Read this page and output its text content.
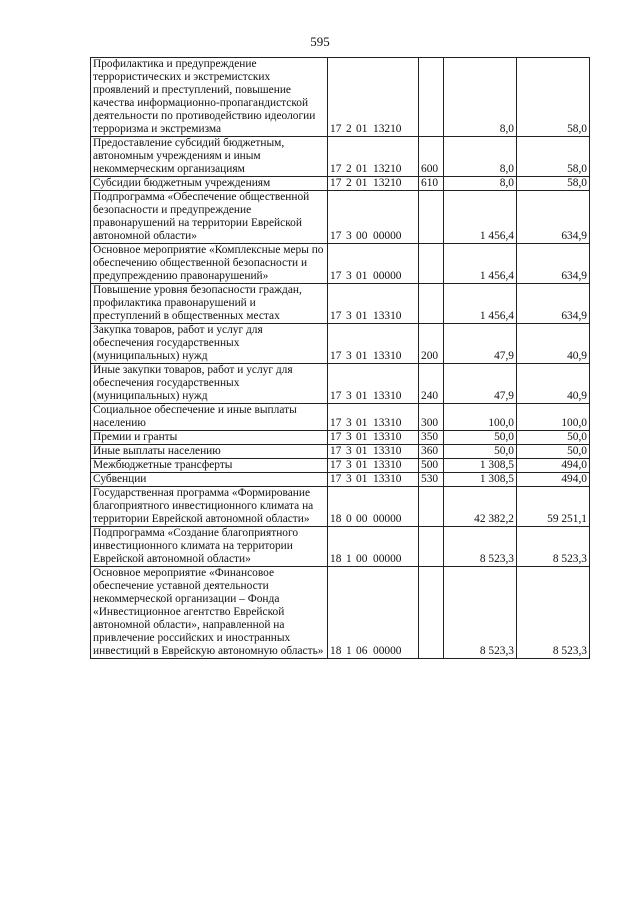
595
Профилактика и предупреждение террористических и экстремистских проявлений и преступлений, повышение качества информационно-пропагандистской деятельности по противодействию идеологии терроризма и экстремизма	17 2 01 13210		8,0	58,0
Предоставление субсидий бюджетным, автономным учреждениям и иным некоммерческим организациям	17 2 01 13210	600	8,0	58,0
Субсидии бюджетным учреждениям	17 2 01 13210	610	8,0	58,0
Подпрограмма «Обеспечение общественной безопасности и предупреждение правонарушений на территории Еврейской автономной области»	17 3 00 00000		1 456,4	634,9
Основное мероприятие «Комплексные меры по обеспечению общественной безопасности и предупреждению правонарушений»	17 3 01 00000		1 456,4	634,9
Повышение уровня безопасности граждан, профилактика правонарушений и преступлений в общественных местах	17 3 01 13310		1 456,4	634,9
Закупка товаров, работ и услуг для обеспечения государственных (муниципальных) нужд	17 3 01 13310	200	47,9	40,9
Иные закупки товаров, работ и услуг для обеспечения государственных (муниципальных) нужд	17 3 01 13310	240	47,9	40,9
Социальное обеспечение и иные выплаты населению	17 3 01 13310	300	100,0	100,0
Премии и гранты	17 3 01 13310	350	50,0	50,0
Иные выплаты населению	17 3 01 13310	360	50,0	50,0
Межбюджетные трансферты	17 3 01 13310	500	1 308,5	494,0
Субвенции	17 3 01 13310	530	1 308,5	494,0
Государственная программа «Формирование благоприятного инвестиционного климата на территории Еврейской автономной области»	18 0 00 00000		42 382,2	59 251,1
Подпрограмма «Создание благоприятного инвестиционного климата на территории Еврейской автономной области»	18 1 00 00000		8 523,3	8 523,3
Основное мероприятие «Финансовое обеспечение уставной деятельности некоммерческой организации – Фонда «Инвестиционное агентство Еврейской автономной области», направленной на привлечение российских и иностранных инвестиций в Еврейскую автономную область»	18 1 06 00000		8 523,3	8 523,3
